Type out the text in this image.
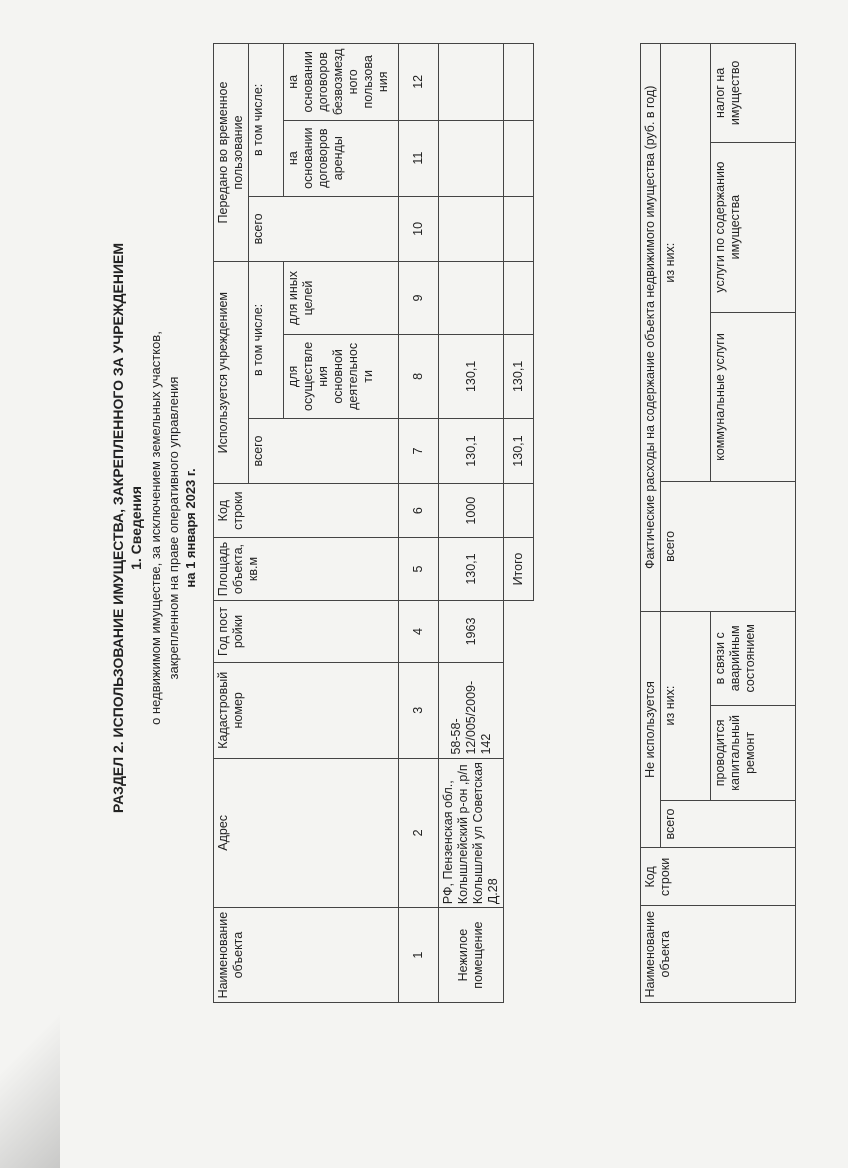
РАЗДЕЛ 2. ИСПОЛЬЗОВАНИЕ ИМУЩЕСТВА, ЗАКРЕПЛЕННОГО ЗА УЧРЕЖДЕНИЕМ 1. Сведения о недвижимом имуществе, за исключением земельных участков, закрепленном на праве оперативного управления на 1 января 2023 г.
Наименование объекта	Адрес	Кадастровый номер	Год пост ройки	Площадь объекта, кв.м	Код строки	Используется учреждением			Передано во временное пользование		
						всего	в том числе:		всего	в том числе:	
							для осуществле ния основной деятельнос ти	для иных целей		на основании договоров аренды	на основании договоров безвозмезд ного пользова ния
1	2	3	4	5	6	7	8	9	10	11	12
Нежилое помещение	РФ, Пензенская обл., Колышлейский р-он ,р/п Колышлей ул Советская Д.28	58-58-12/005/2009-142	1963	130,1	1000	130,1	130,1				
				Итого		130,1	130,1				
Наименование объекта	Код строки	Не используется			Фактические расходы на содержание объекта недвижимого имущества (руб. в год)			
		всего	из них:		всего	из них:		
			проводится капитальный ремонт	в связи с аварийным состоянием		коммунальные услуги	услуги по содержанию имущества	налог на имущество
